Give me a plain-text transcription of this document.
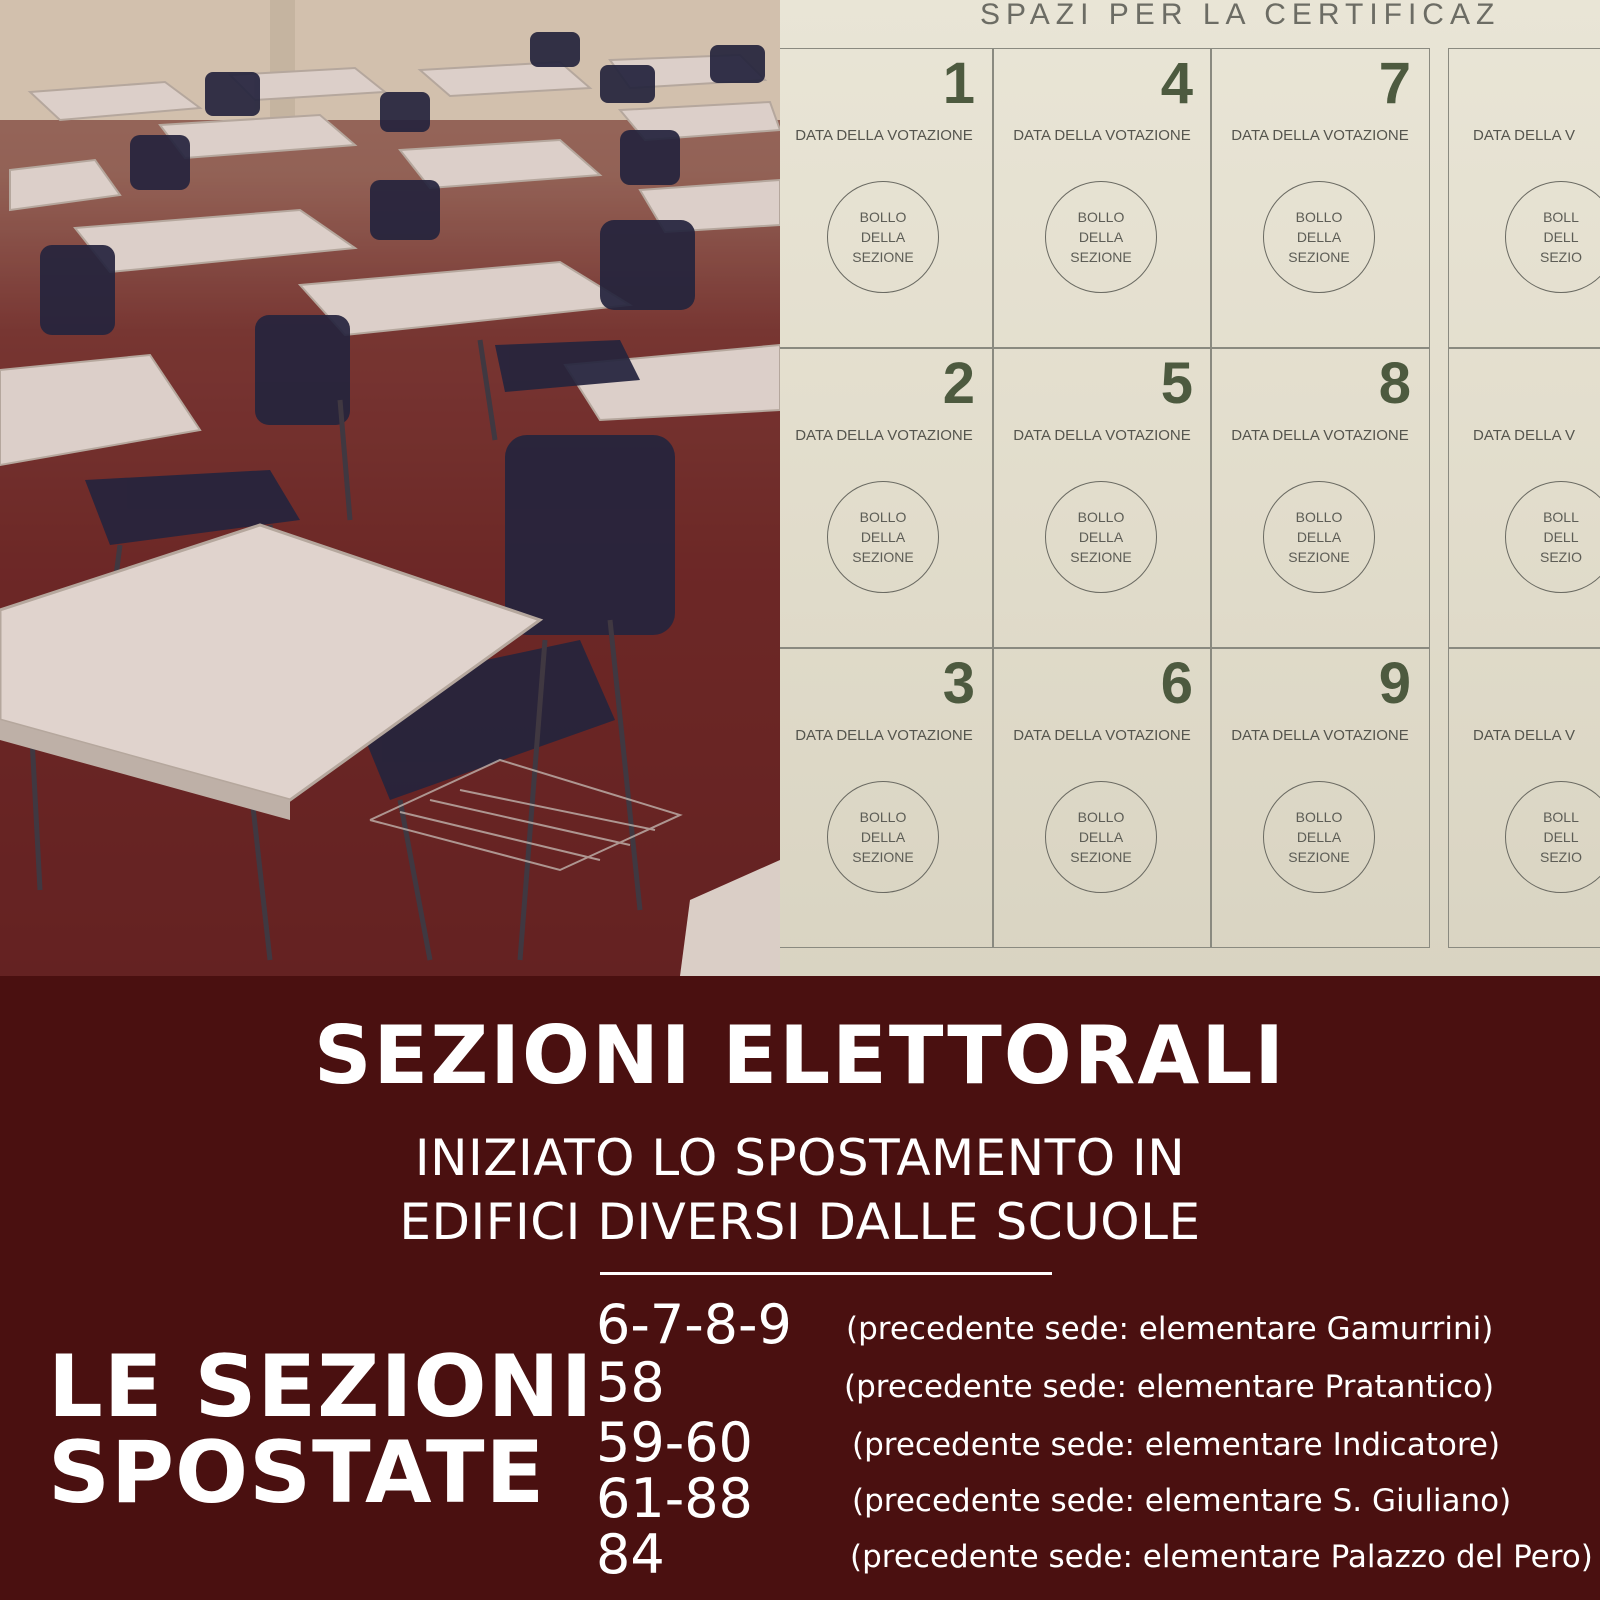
SPAZI PER LA CERTIFICAZ
1
DATA DELLA VOTAZIONE
BOLLO
DELLA
SEZIONE
4
DATA DELLA VOTAZIONE
BOLLO
DELLA
SEZIONE
7
DATA DELLA VOTAZIONE
BOLLO
DELLA
SEZIONE
DATA DELLA V
BOLL
DELL
SEZIO
2
DATA DELLA VOTAZIONE
BOLLO
DELLA
SEZIONE
5
DATA DELLA VOTAZIONE
BOLLO
DELLA
SEZIONE
8
DATA DELLA VOTAZIONE
BOLLO
DELLA
SEZIONE
DATA DELLA V
BOLL
DELL
SEZIO
3
DATA DELLA VOTAZIONE
BOLLO
DELLA
SEZIONE
6
DATA DELLA VOTAZIONE
BOLLO
DELLA
SEZIONE
9
DATA DELLA VOTAZIONE
BOLLO
DELLA
SEZIONE
DATA DELLA V
BOLL
DELL
SEZIO
SEZIONI ELETTORALI
INIZIATO LO SPOSTAMENTO IN
EDIFICI DIVERSI DALLE SCUOLE
LE SEZIONI
SPOSTATE
6-7-8-9 (precedente sede: elementare Gamurrini)
58	(precedente sede: elementare Pratantico)
59-60	(precedente sede: elementare Indicatore)
61-88	(precedente sede: elementare S. Giuliano)
84	(precedente sede: elementare Palazzo del Pero)
